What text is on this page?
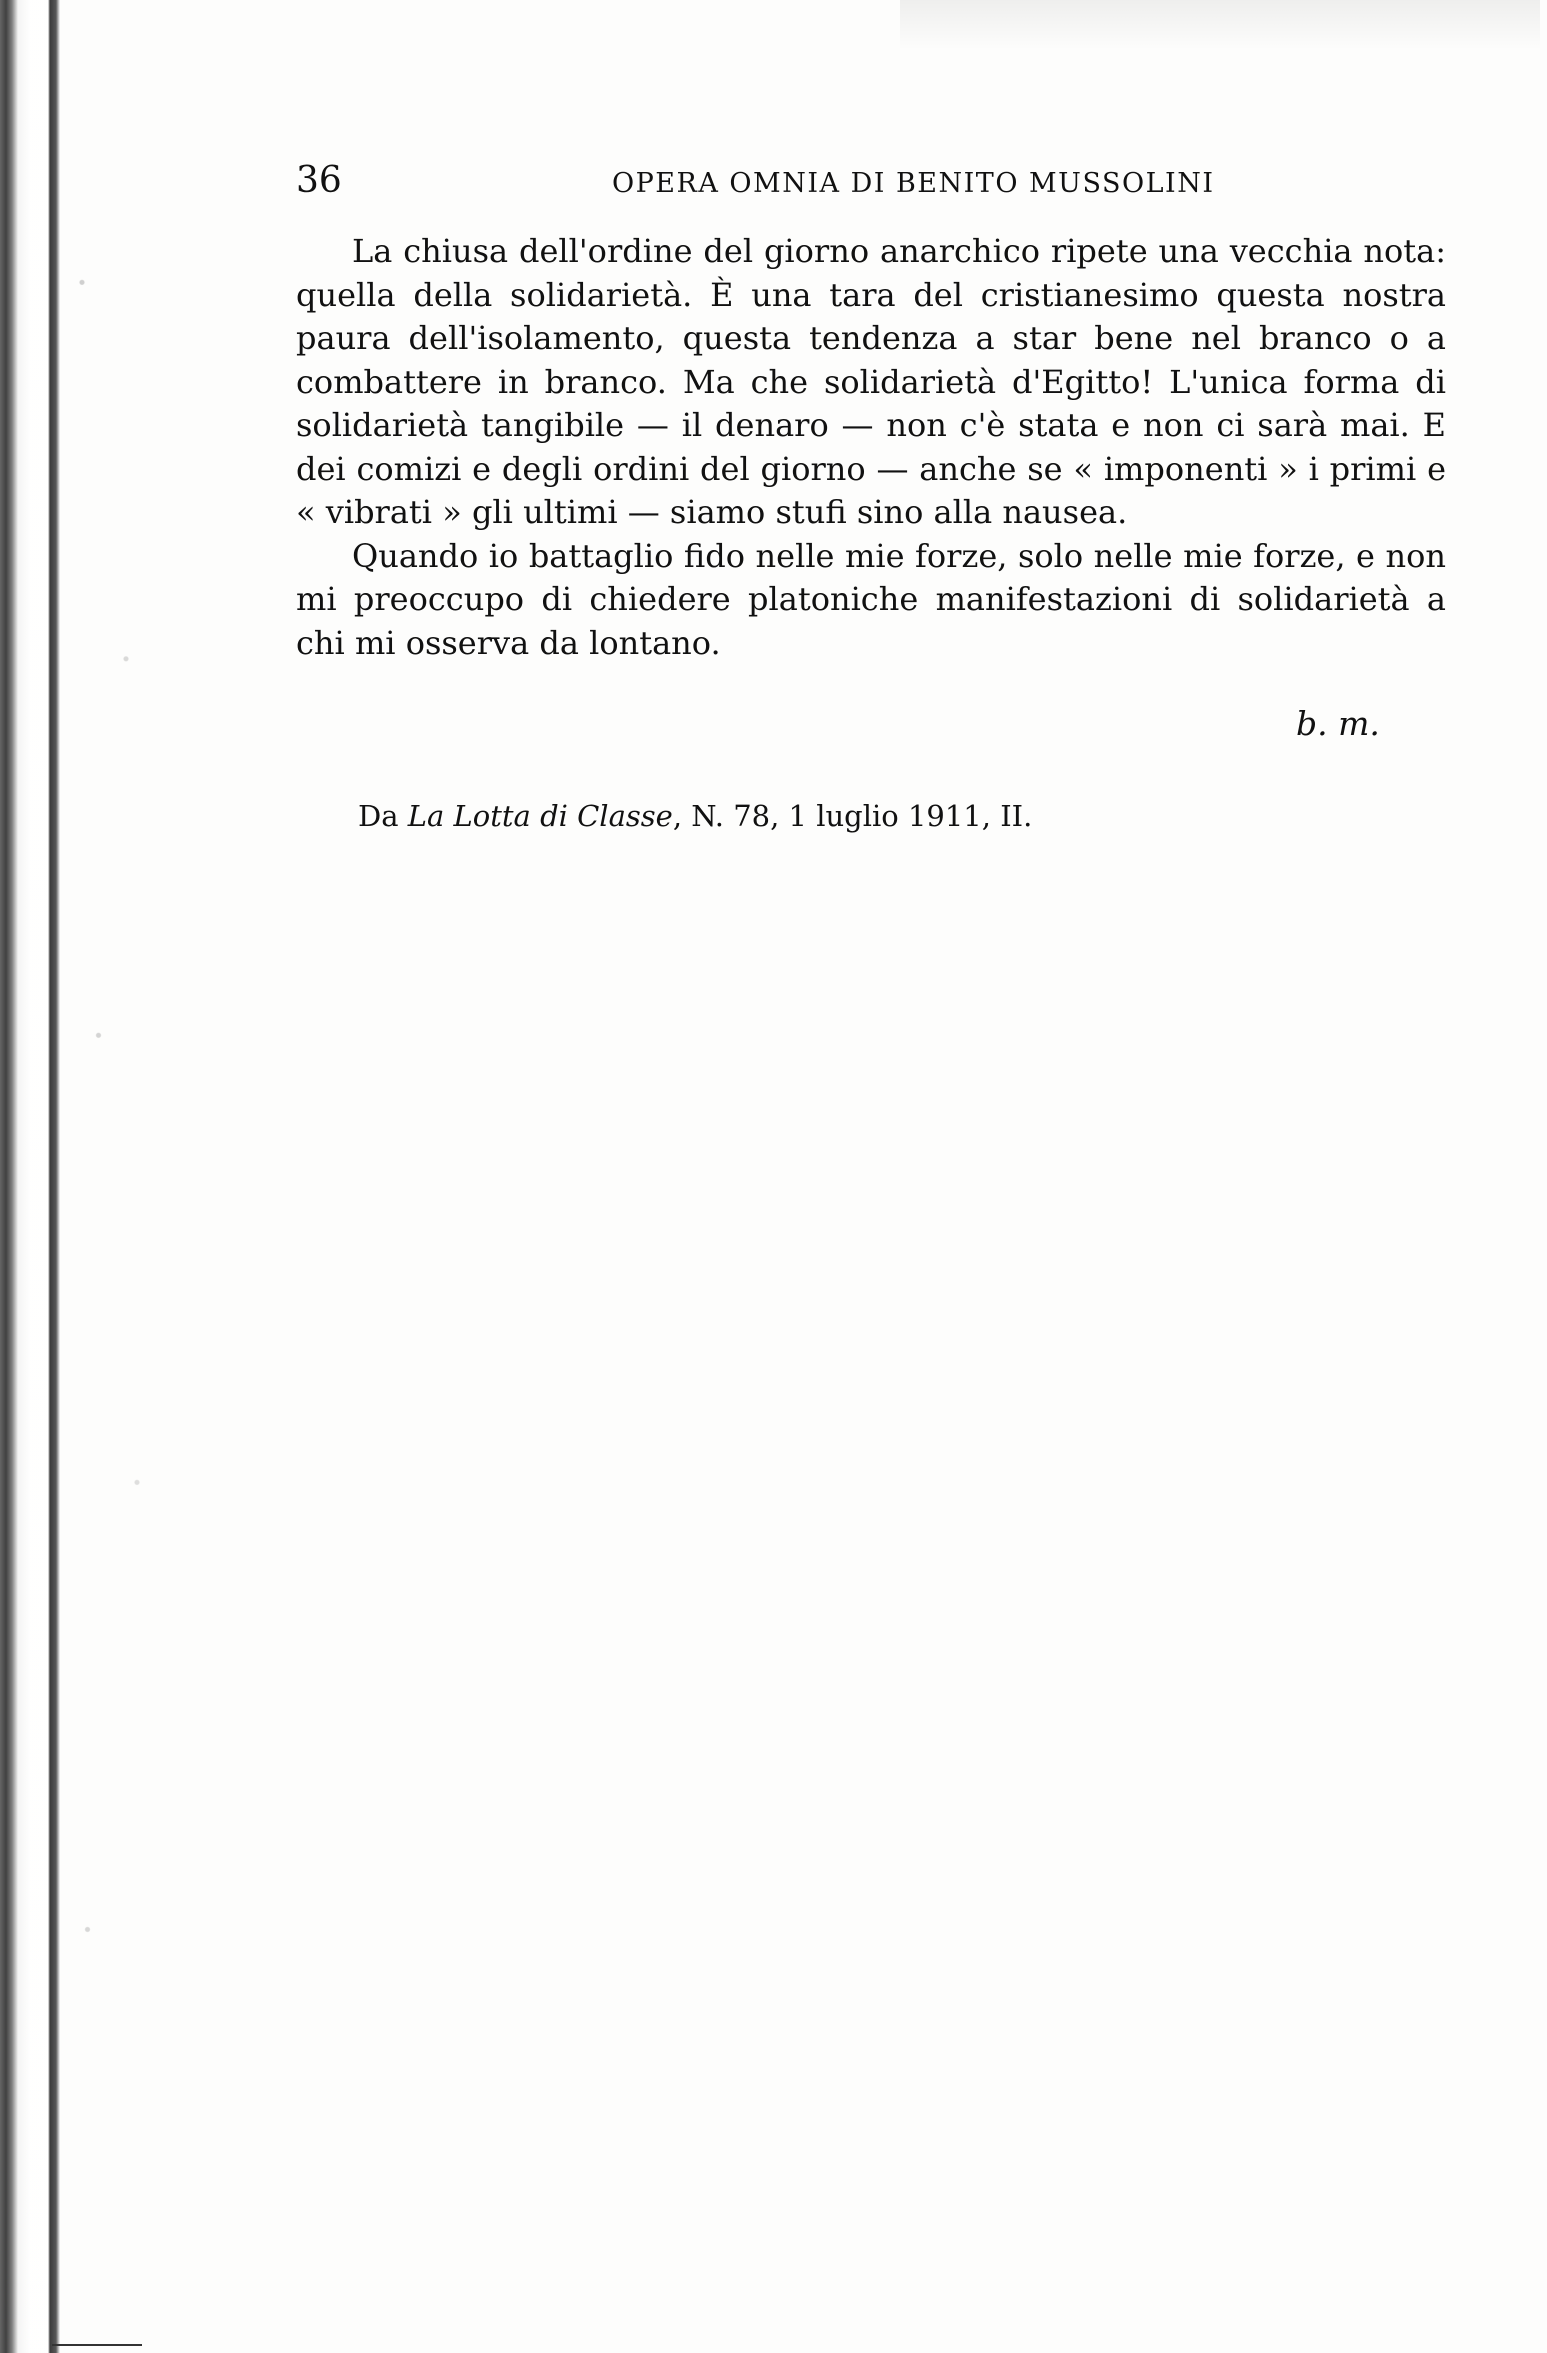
36	OPERA OMNIA DI BENITO MUSSOLINI

La chiusa dell'ordine del giorno anarchico ripete una vecchia nota: quella della solidarietà. È una tara del cristianesimo questa nostra paura dell'isolamento, questa tendenza a star bene nel branco o a combattere in branco. Ma che solidarietà d'Egitto! L'unica forma di solidarietà tangibile — il denaro — non c'è stata e non ci sarà mai. E dei comizi e degli ordini del giorno — anche se « imponenti » i primi e « vibrati » gli ultimi — siamo stufi sino alla nausea.

Quando io battaglio fido nelle mie forze, solo nelle mie forze, e non mi preoccupo di chiedere platoniche manifestazioni di solidarietà a chi mi osserva da lontano.

b. m.
Da La Lotta di Classe, N. 78, 1 luglio 1911, II.
